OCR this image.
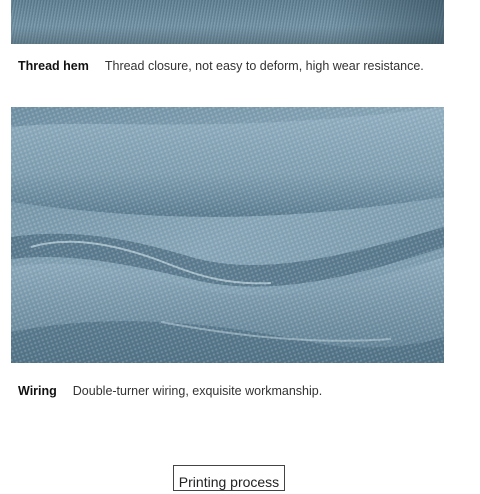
Thread hem Thread closure, not easy to deform, high wear resistance.
Wiring Double-turner wiring, exquisite workmanship.
Printing process
